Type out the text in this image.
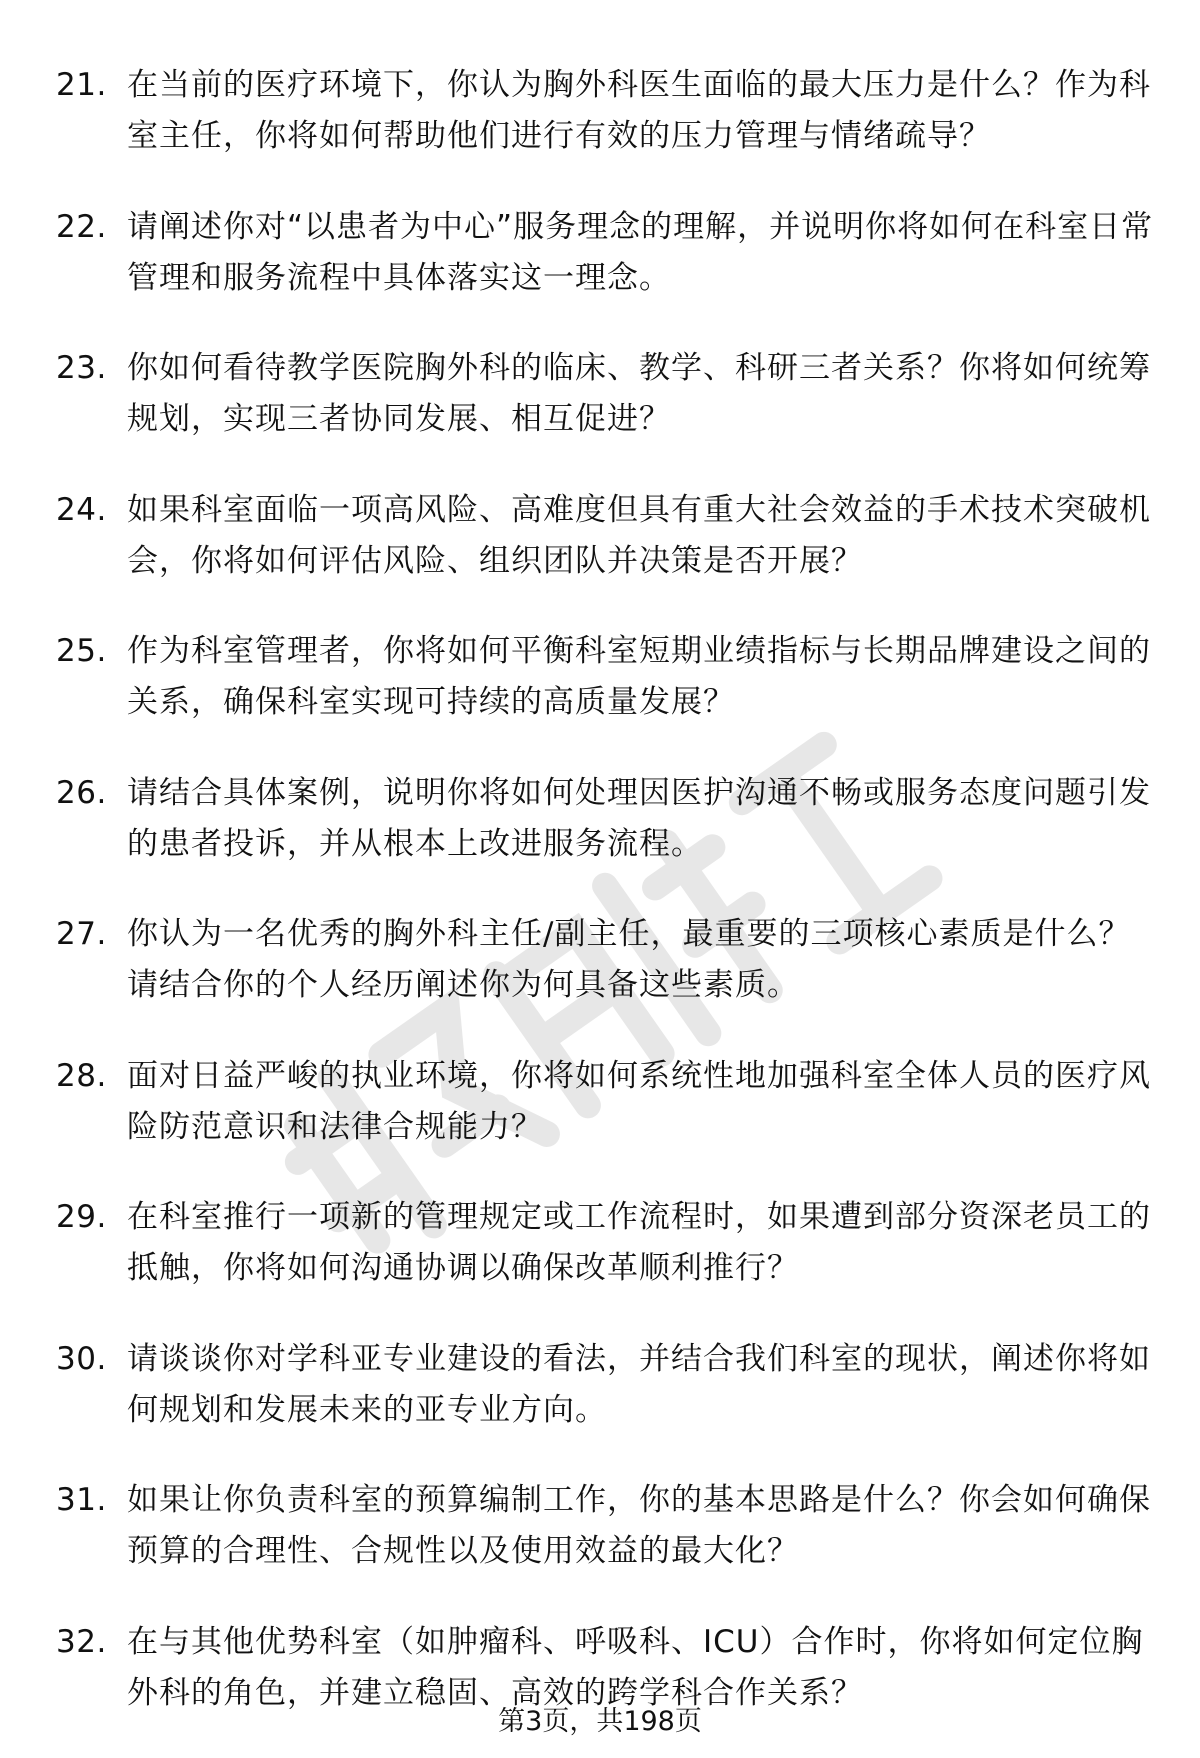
21. 在当前的医疗环境下，你认为胸外科医生面临的最大压力是什么？作为科室主任，你将如何帮助他们进行有效的压力管理与情绪疏导？

22. 请阐述你对“以患者为中心”服务理念的理解，并说明你将如何在科室日常管理和服务流程中具体落实这一理念。

23. 你如何看待教学医院胸外科的临床、教学、科研三者关系？你将如何统筹规划，实现三者协同发展、相互促进？

24. 如果科室面临一项高风险、高难度但具有重大社会效益的手术技术突破机会，你将如何评估风险、组织团队并决策是否开展？

25. 作为科室管理者，你将如何平衡科室短期业绩指标与长期品牌建设之间的关系，确保科室实现可持续的高质量发展？

26. 请结合具体案例，说明你将如何处理因医护沟通不畅或服务态度问题引发的患者投诉，并从根本上改进服务流程。

27. 你认为一名优秀的胸外科主任/副主任，最重要的三项核心素质是什么？请结合你的个人经历阐述你为何具备这些素质。

28. 面对日益严峻的执业环境，你将如何系统性地加强科室全体人员的医疗风险防范意识和法律合规能力？

29. 在科室推行一项新的管理规定或工作流程时，如果遭到部分资深老员工的抵触，你将如何沟通协调以确保改革顺利推行？

30. 请谈谈你对学科亚专业建设的看法，并结合我们科室的现状，阐述你将如何规划和发展未来的亚专业方向。

31. 如果让你负责科室的预算编制工作，你的基本思路是什么？你会如何确保预算的合理性、合规性以及使用效益的最大化？

32. 在与其他优势科室（如肿瘤科、呼吸科、ICU）合作时，你将如何定位胸外科的角色，并建立稳固、高效的跨学科合作关系？

第3页，共198页
